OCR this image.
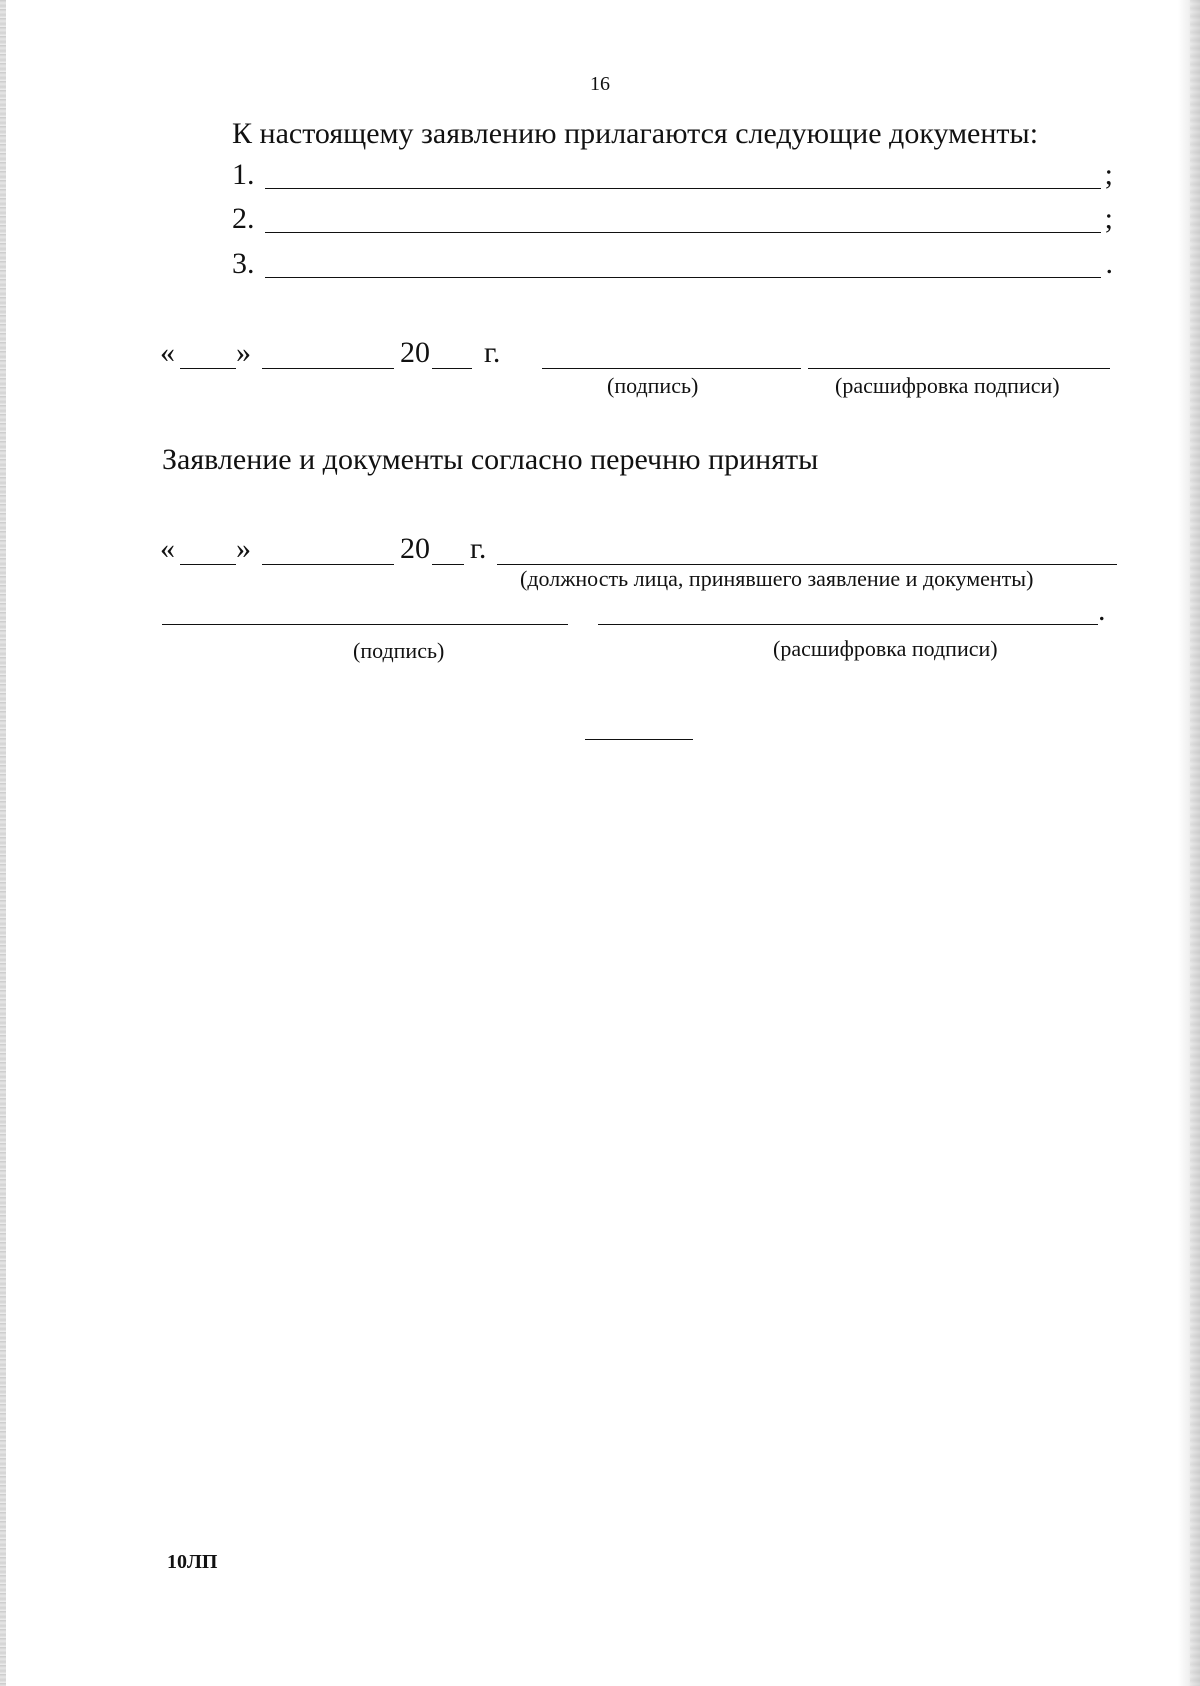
16
К настоящему заявлению прилагаются следующие документы:
1.	;
2.	;
3.	.
« »	20 г.
(подпись)	(расшифровка подписи)
Заявление и документы согласно перечню приняты
« »	20 г.
(должность лица, принявшего заявление и документы)
.
(подпись)	(расшифровка подписи)
10ЛП
